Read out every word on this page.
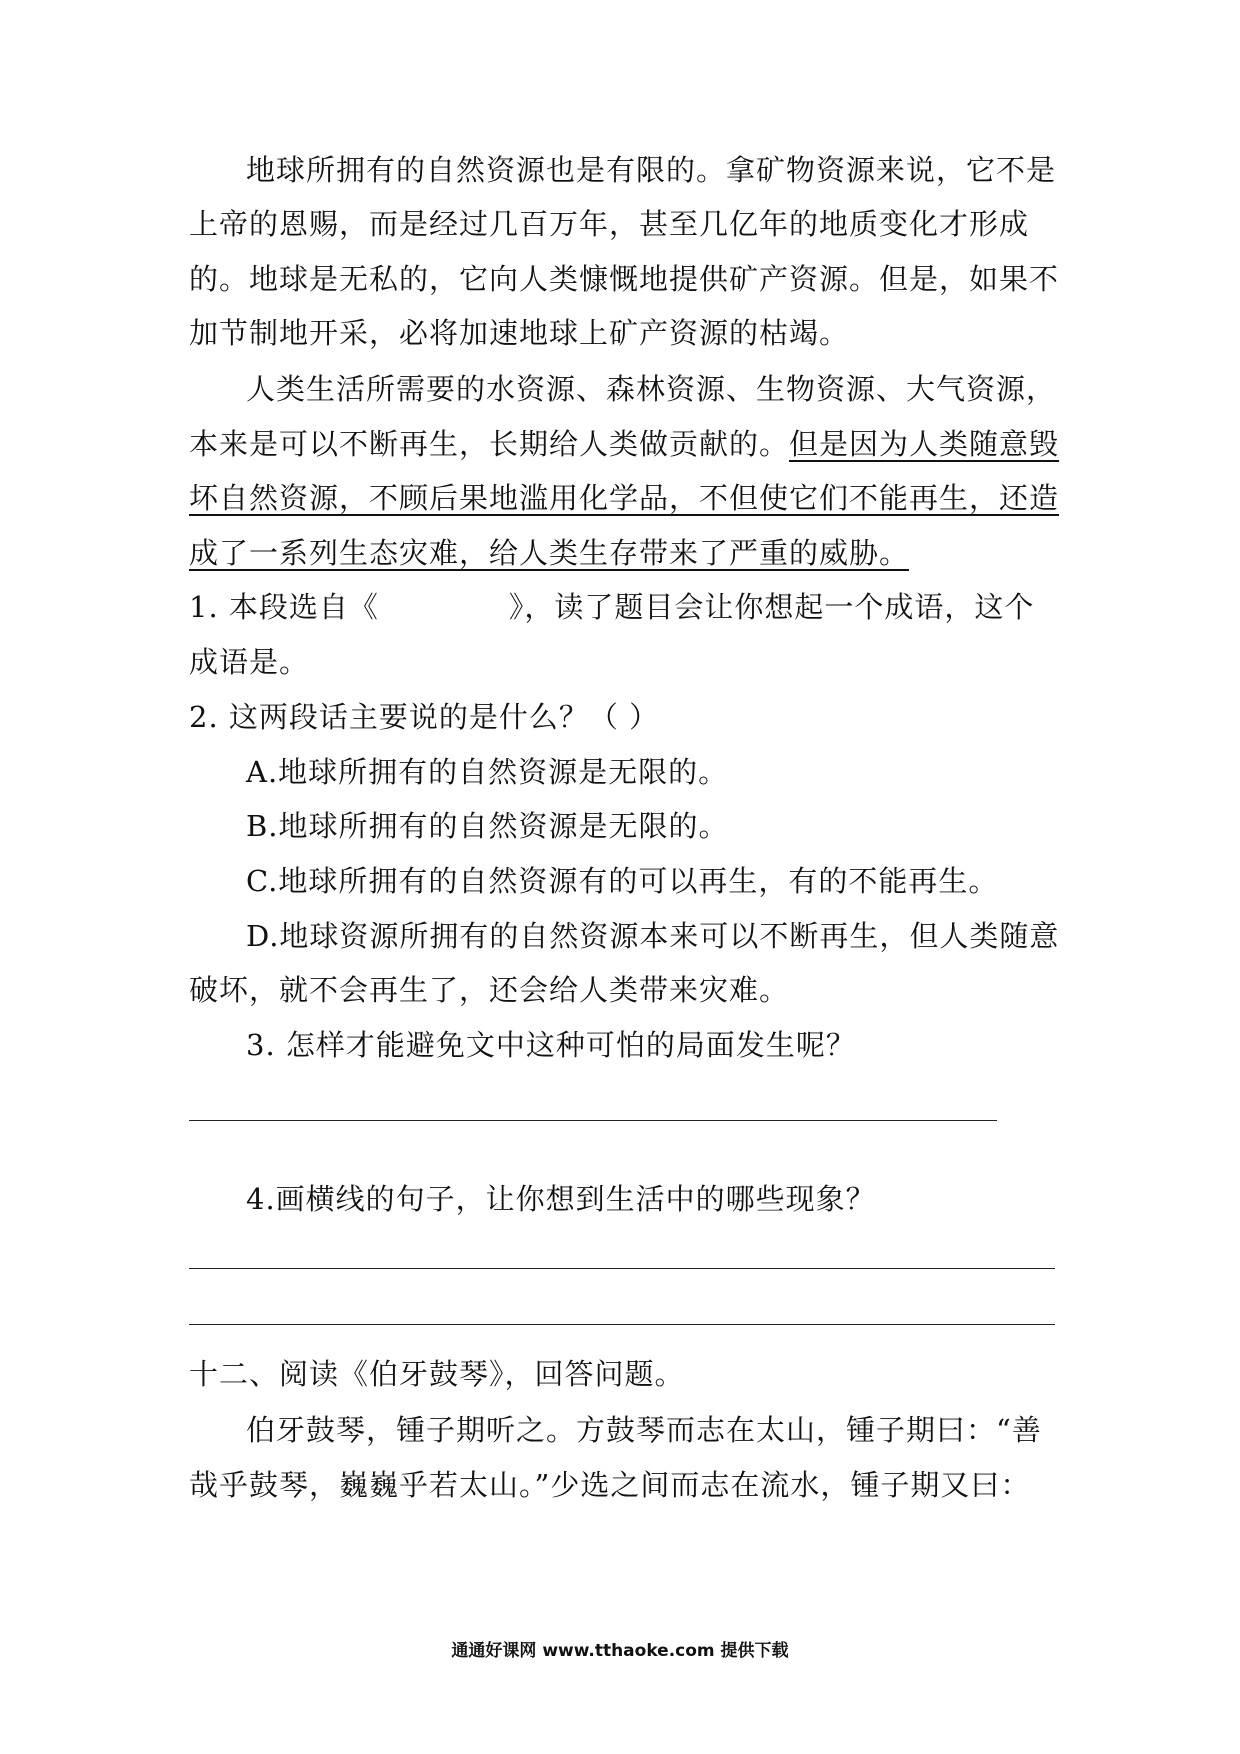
地球所拥有的自然资源也是有限的。拿矿物资源来说，它不是
上帝的恩赐，而是经过几百万年，甚至几亿年的地质变化才形成
的。地球是无私的，它向人类慷慨地提供矿产资源。但是，如果不
加节制地开采，必将加速地球上矿产资源的枯竭。
人类生活所需要的水资源、森林资源、生物资源、大气资源，
本来是可以不断再生，长期给人类做贡献的。但是因为人类随意毁
坏自然资源，不顾后果地滥用化学品，不但使它们不能再生，还造
成了一系列生态灾难，给人类生存带来了严重的威胁。
1. 本段选自《	》，读了题目会让你想起一个成语，这个
成语是。
2. 这两段话主要说的是什么？（ ）
A.地球所拥有的自然资源是无限的。
B.地球所拥有的自然资源是无限的。
C.地球所拥有的自然资源有的可以再生，有的不能再生。
D.地球资源所拥有的自然资源本来可以不断再生，但人类随意
破坏，就不会再生了，还会给人类带来灾难。
3. 怎样才能避免文中这种可怕的局面发生呢？
4.画横线的句子，让你想到生活中的哪些现象？
十二、阅读《伯牙鼓琴》，回答问题。
伯牙鼓琴，锺子期听之。方鼓琴而志在太山，锺子期曰：“善
哉乎鼓琴，巍巍乎若太山。”少选之间而志在流水，锺子期又曰：
通通好课网 www.tthaoke.com 提供下载
